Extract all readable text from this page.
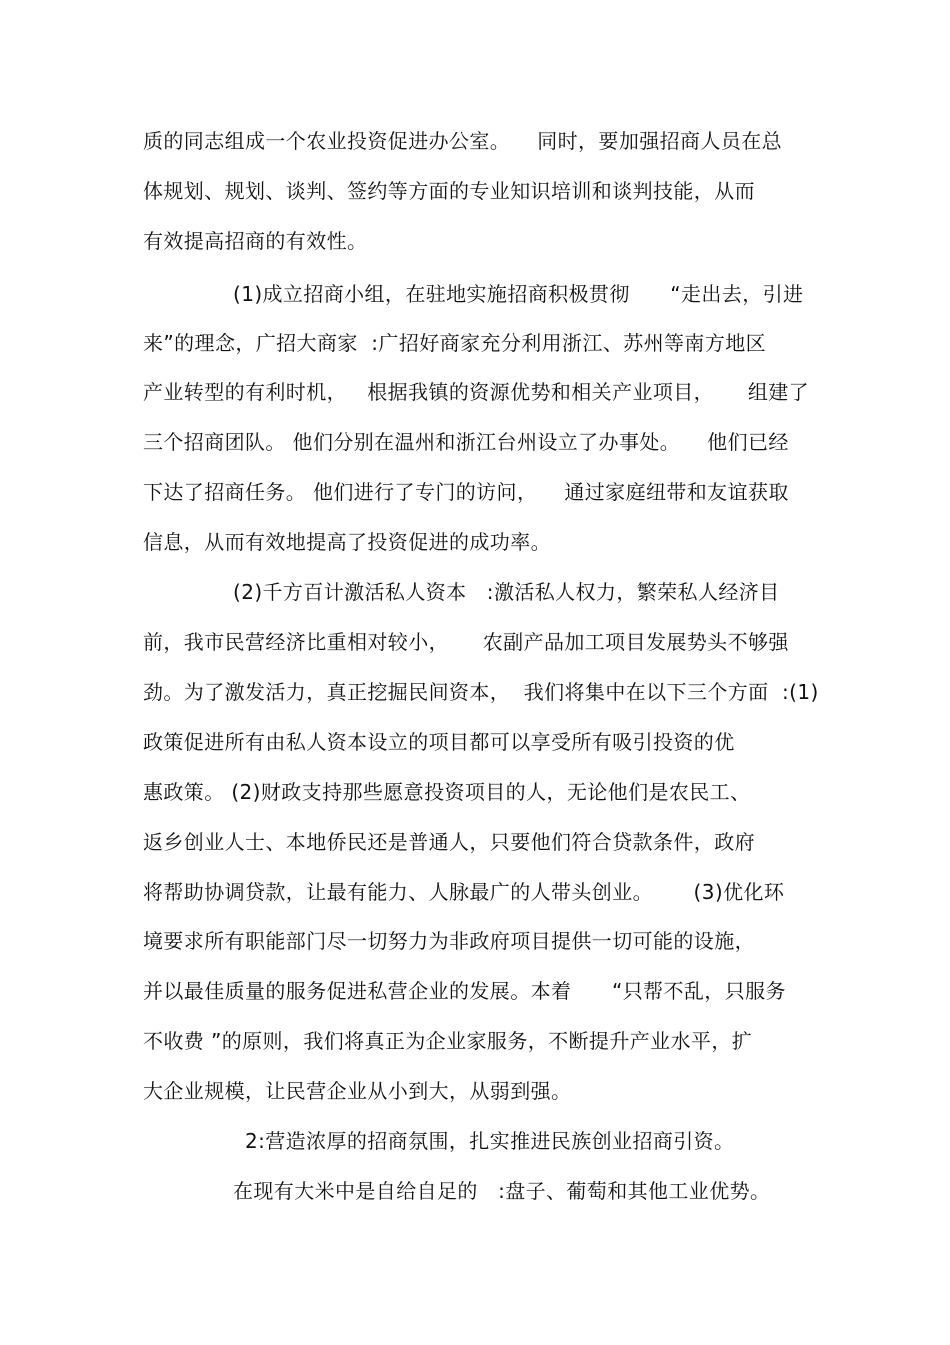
质的同志组成一个农业投资促进办公室。    同时，要加强招商人员在总
体规划、规划、谈判、签约等方面的专业知识培训和谈判技能，从而
有效提高招商的有效性。
(1)成立招商小组，在驻地实施招商积极贯彻      “走出去，引进
来”的理念，广招大商家  :广招好商家充分利用浙江、苏州等南方地区
产业转型的有利时机，   根据我镇的资源优势和相关产业项目，     组建了
三个招商团队。 他们分别在温州和浙江台州设立了办事处。    他们已经
下达了招商任务。 他们进行了专门的访问，    通过家庭纽带和友谊获取
信息，从而有效地提高了投资促进的成功率。
(2)千方百计激活私人资本   :激活私人权力，繁荣私人经济目
前，我市民营经济比重相对较小，     农副产品加工项目发展势头不够强
劲。为了激发活力，真正挖掘民间资本，  我们将集中在以下三个方面  :(1)
政策促进所有由私人资本设立的项目都可以享受所有吸引投资的优
惠政策。 (2)财政支持那些愿意投资项目的人，无论他们是农民工、
返乡创业人士、本地侨民还是普通人，只要他们符合贷款条件，政府
将帮助协调贷款，让最有能力、人脉最广的人带头创业。      (3)优化环
境要求所有职能部门尽一切努力为非政府项目提供一切可能的设施，
并以最佳质量的服务促进私营企业的发展。本着      “只帮不乱，只服务
不收费 ”的原则，我们将真正为企业家服务，不断提升产业水平，扩
大企业规模，让民营企业从小到大，从弱到强。
2:营造浓厚的招商氛围，扎实推进民族创业招商引资。
在现有大米中是自给自足的   :盘子、葡萄和其他工业优势。
